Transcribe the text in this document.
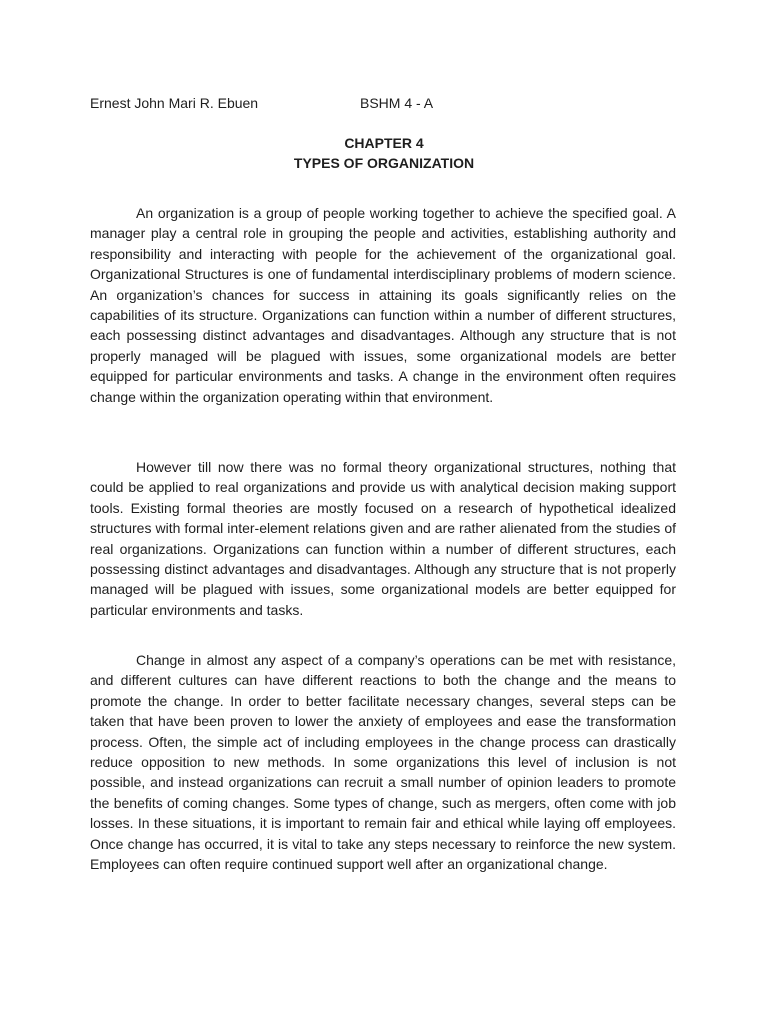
Ernest John Mari R. Ebuen	BSHM 4 - A
CHAPTER 4
TYPES OF ORGANIZATION

An organization is a group of people working together to achieve the specified goal. A manager play a central role in grouping the people and activities, establishing authority and responsibility and interacting with people for the achievement of the organizational goal. Organizational Structures is one of fundamental interdisciplinary problems of modern science. An organization’s chances for success in attaining its goals significantly relies on the capabilities of its structure. Organizations can function within a number of different structures, each possessing distinct advantages and disadvantages. Although any structure that is not properly managed will be plagued with issues, some organizational models are better equipped for particular environments and tasks. A change in the environment often requires change within the organization operating within that environment.

However till now there was no formal theory organizational structures, nothing that could be applied to real organizations and provide us with analytical decision making support tools. Existing formal theories are mostly focused on a research of hypothetical idealized structures with formal inter-element relations given and are rather alienated from the studies of real organizations. Organizations can function within a number of different structures, each possessing distinct advantages and disadvantages. Although any structure that is not properly managed will be plagued with issues, some organizational models are better equipped for particular environments and tasks.

Change in almost any aspect of a company’s operations can be met with resistance, and different cultures can have different reactions to both the change and the means to promote the change. In order to better facilitate necessary changes, several steps can be taken that have been proven to lower the anxiety of employees and ease the transformation process. Often, the simple act of including employees in the change process can drastically reduce opposition to new methods. In some organizations this level of inclusion is not possible, and instead organizations can recruit a small number of opinion leaders to promote the benefits of coming changes. Some types of change, such as mergers, often come with job losses. In these situations, it is important to remain fair and ethical while laying off employees. Once change has occurred, it is vital to take any steps necessary to reinforce the new system. Employees can often require continued support well after an organizational change.
